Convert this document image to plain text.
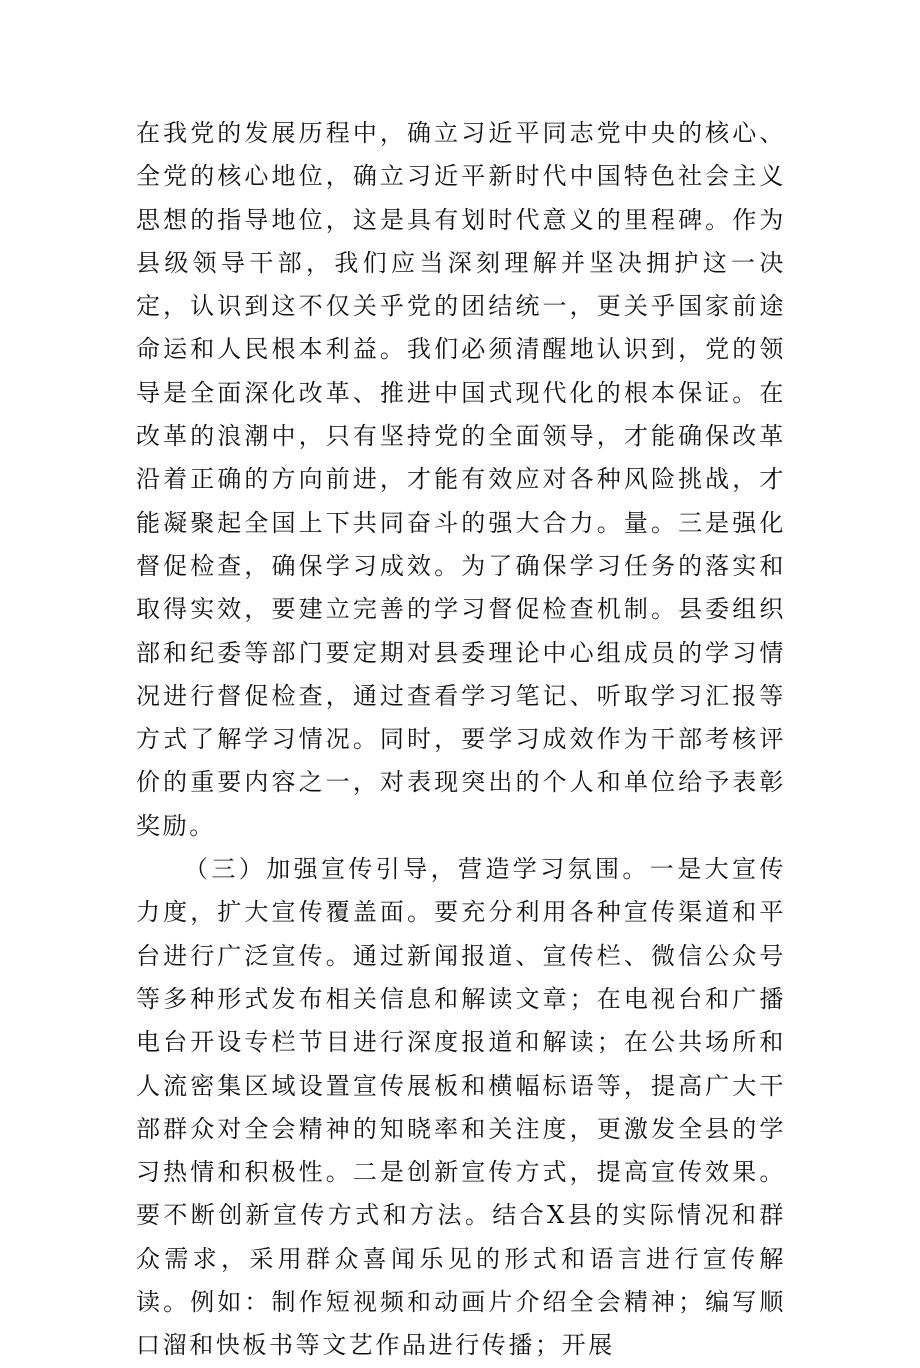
在我党的发展历程中，确立习近平同志党中央的核心、全党的核心地位，确立习近平新时代中国特色社会主义思想的指导地位，这是具有划时代意义的里程碑。作为县级领导干部，我们应当深刻理解并坚决拥护这一决定，认识到这不仅关乎党的团结统一，更关乎国家前途命运和人民根本利益。我们必须清醒地认识到，党的领导是全面深化改革、推进中国式现代化的根本保证。在改革的浪潮中，只有坚持党的全面领导，才能确保改革沿着正确的方向前进，才能有效应对各种风险挑战，才能凝聚起全国上下共同奋斗的强大合力。量。三是强化督促检查，确保学习成效。为了确保学习任务的落实和取得实效，要建立完善的学习督促检查机制。县委组织部和纪委等部门要定期对县委理论中心组成员的学习情况进行督促检查，通过查看学习笔记、听取学习汇报等方式了解学习情况。同时，要学习成效作为干部考核评价的重要内容之一，对表现突出的个人和单位给予表彰奖励。

（三）加强宣传引导，营造学习氛围。一是大宣传力度，扩大宣传覆盖面。要充分利用各种宣传渠道和平台进行广泛宣传。通过新闻报道、宣传栏、微信公众号等多种形式发布相关信息和解读文章；在电视台和广播电台开设专栏节目进行深度报道和解读；在公共场所和人流密集区域设置宣传展板和横幅标语等，提高广大干部群众对全会精神的知晓率和关注度，更激发全县的学习热情和积极性。二是创新宣传方式，提高宣传效果。要不断创新宣传方式和方法。结合X县的实际情况和群众需求，采用群众喜闻乐见的形式和语言进行宣传解读。例如：制作短视频和动画片介绍全会精神；编写顺口溜和快板书等文艺作品进行传播；开展
